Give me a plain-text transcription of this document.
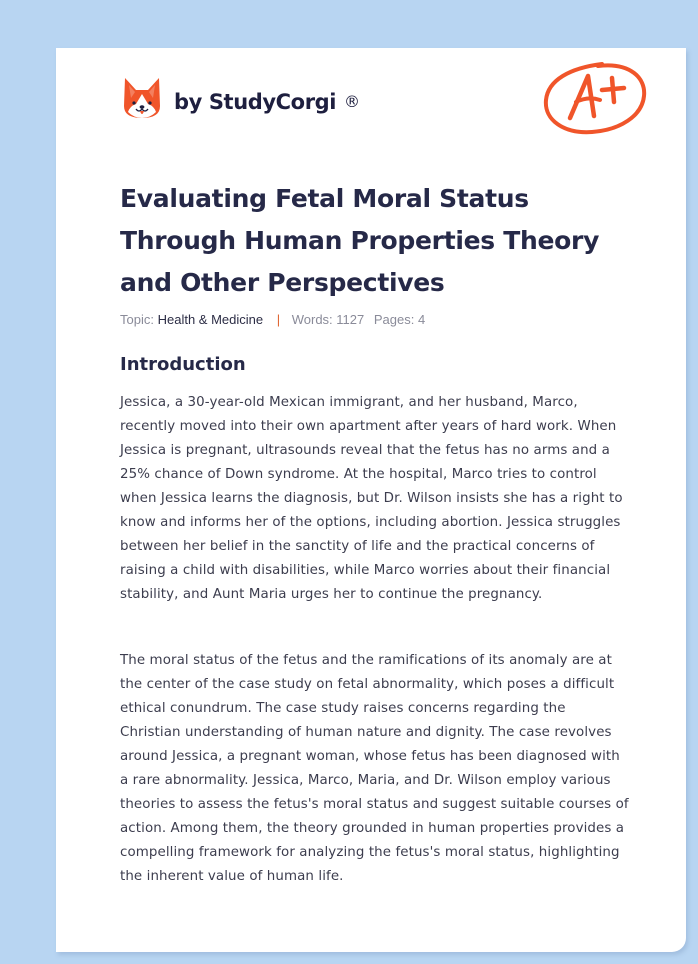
by StudyCorgi ®
Evaluating Fetal Moral Status Through Human Properties Theory and Other Perspectives
Topic: Health & Medicine | Words: 1127 Pages: 4
Introduction

Jessica, a 30-year-old Mexican immigrant, and her husband, Marco, recently moved into their own apartment after years of hard work. When Jessica is pregnant, ultrasounds reveal that the fetus has no arms and a 25% chance of Down syndrome. At the hospital, Marco tries to control when Jessica learns the diagnosis, but Dr. Wilson insists she has a right to know and informs her of the options, including abortion. Jessica struggles between her belief in the sanctity of life and the practical concerns of raising a child with disabilities, while Marco worries about their financial stability, and Aunt Maria urges her to continue the pregnancy.

The moral status of the fetus and the ramifications of its anomaly are at the center of the case study on fetal abnormality, which poses a difficult ethical conundrum. The case study raises concerns regarding the Christian understanding of human nature and dignity. The case revolves around Jessica, a pregnant woman, whose fetus has been diagnosed with a rare abnormality. Jessica, Marco, Maria, and Dr. Wilson employ various theories to assess the fetus's moral status and suggest suitable courses of action. Among them, the theory grounded in human properties provides a compelling framework for analyzing the fetus's moral status, highlighting the inherent value of human life.
